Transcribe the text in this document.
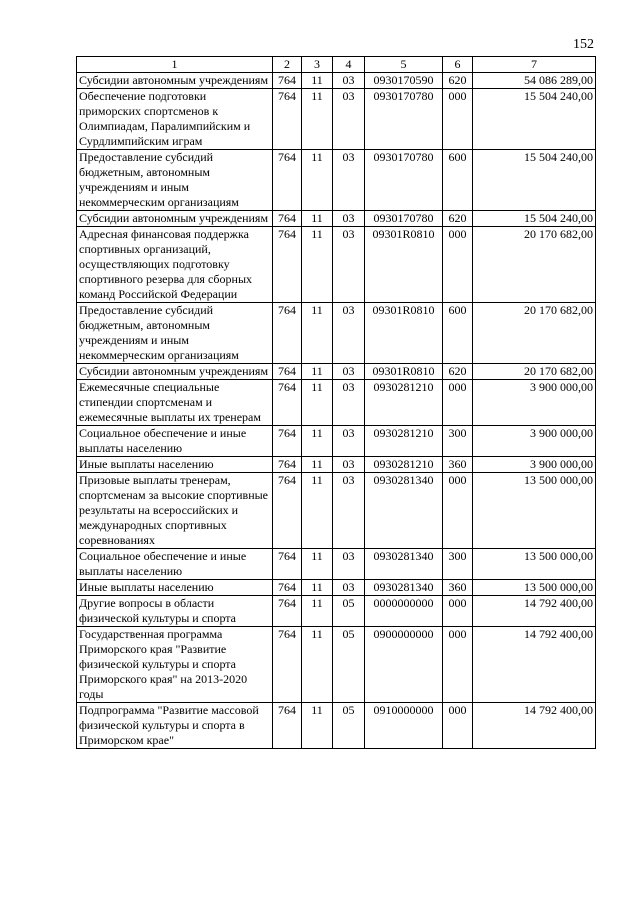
152
1	2	3	4	5	6	7
Субсидии автономным учреждениям	764	11	03	0930170590	620	54 086 289,00
Обеспечение подготовки приморских спортсменов к Олимпиадам, Паралимпийским и Сурдлимпийским играм	764	11	03	0930170780	000	15 504 240,00
Предоставление субсидий бюджетным, автономным учреждениям и иным некоммерческим организациям	764	11	03	0930170780	600	15 504 240,00
Субсидии автономным учреждениям	764	11	03	0930170780	620	15 504 240,00
Адресная финансовая поддержка спортивных организаций, осуществляющих подготовку спортивного резерва для сборных команд Российской Федерации	764	11	03	09301R0810	000	20 170 682,00
Предоставление субсидий бюджетным, автономным учреждениям и иным некоммерческим организациям	764	11	03	09301R0810	600	20 170 682,00
Субсидии автономным учреждениям	764	11	03	09301R0810	620	20 170 682,00
Ежемесячные специальные стипендии спортсменам и ежемесячные выплаты их тренерам	764	11	03	0930281210	000	3 900 000,00
Социальное обеспечение и иные выплаты населению	764	11	03	0930281210	300	3 900 000,00
Иные выплаты населению	764	11	03	0930281210	360	3 900 000,00
Призовые выплаты тренерам, спортсменам за высокие спортивные результаты на всероссийских и международных спортивных соревнованиях	764	11	03	0930281340	000	13 500 000,00
Социальное обеспечение и иные выплаты населению	764	11	03	0930281340	300	13 500 000,00
Иные выплаты населению	764	11	03	0930281340	360	13 500 000,00
Другие вопросы в области физической культуры и спорта	764	11	05	0000000000	000	14 792 400,00
Государственная программа Приморского края "Развитие физической культуры и спорта Приморского края" на 2013-2020 годы	764	11	05	0900000000	000	14 792 400,00
Подпрограмма "Развитие массовой физической культуры и спорта в Приморском крае"	764	11	05	0910000000	000	14 792 400,00
